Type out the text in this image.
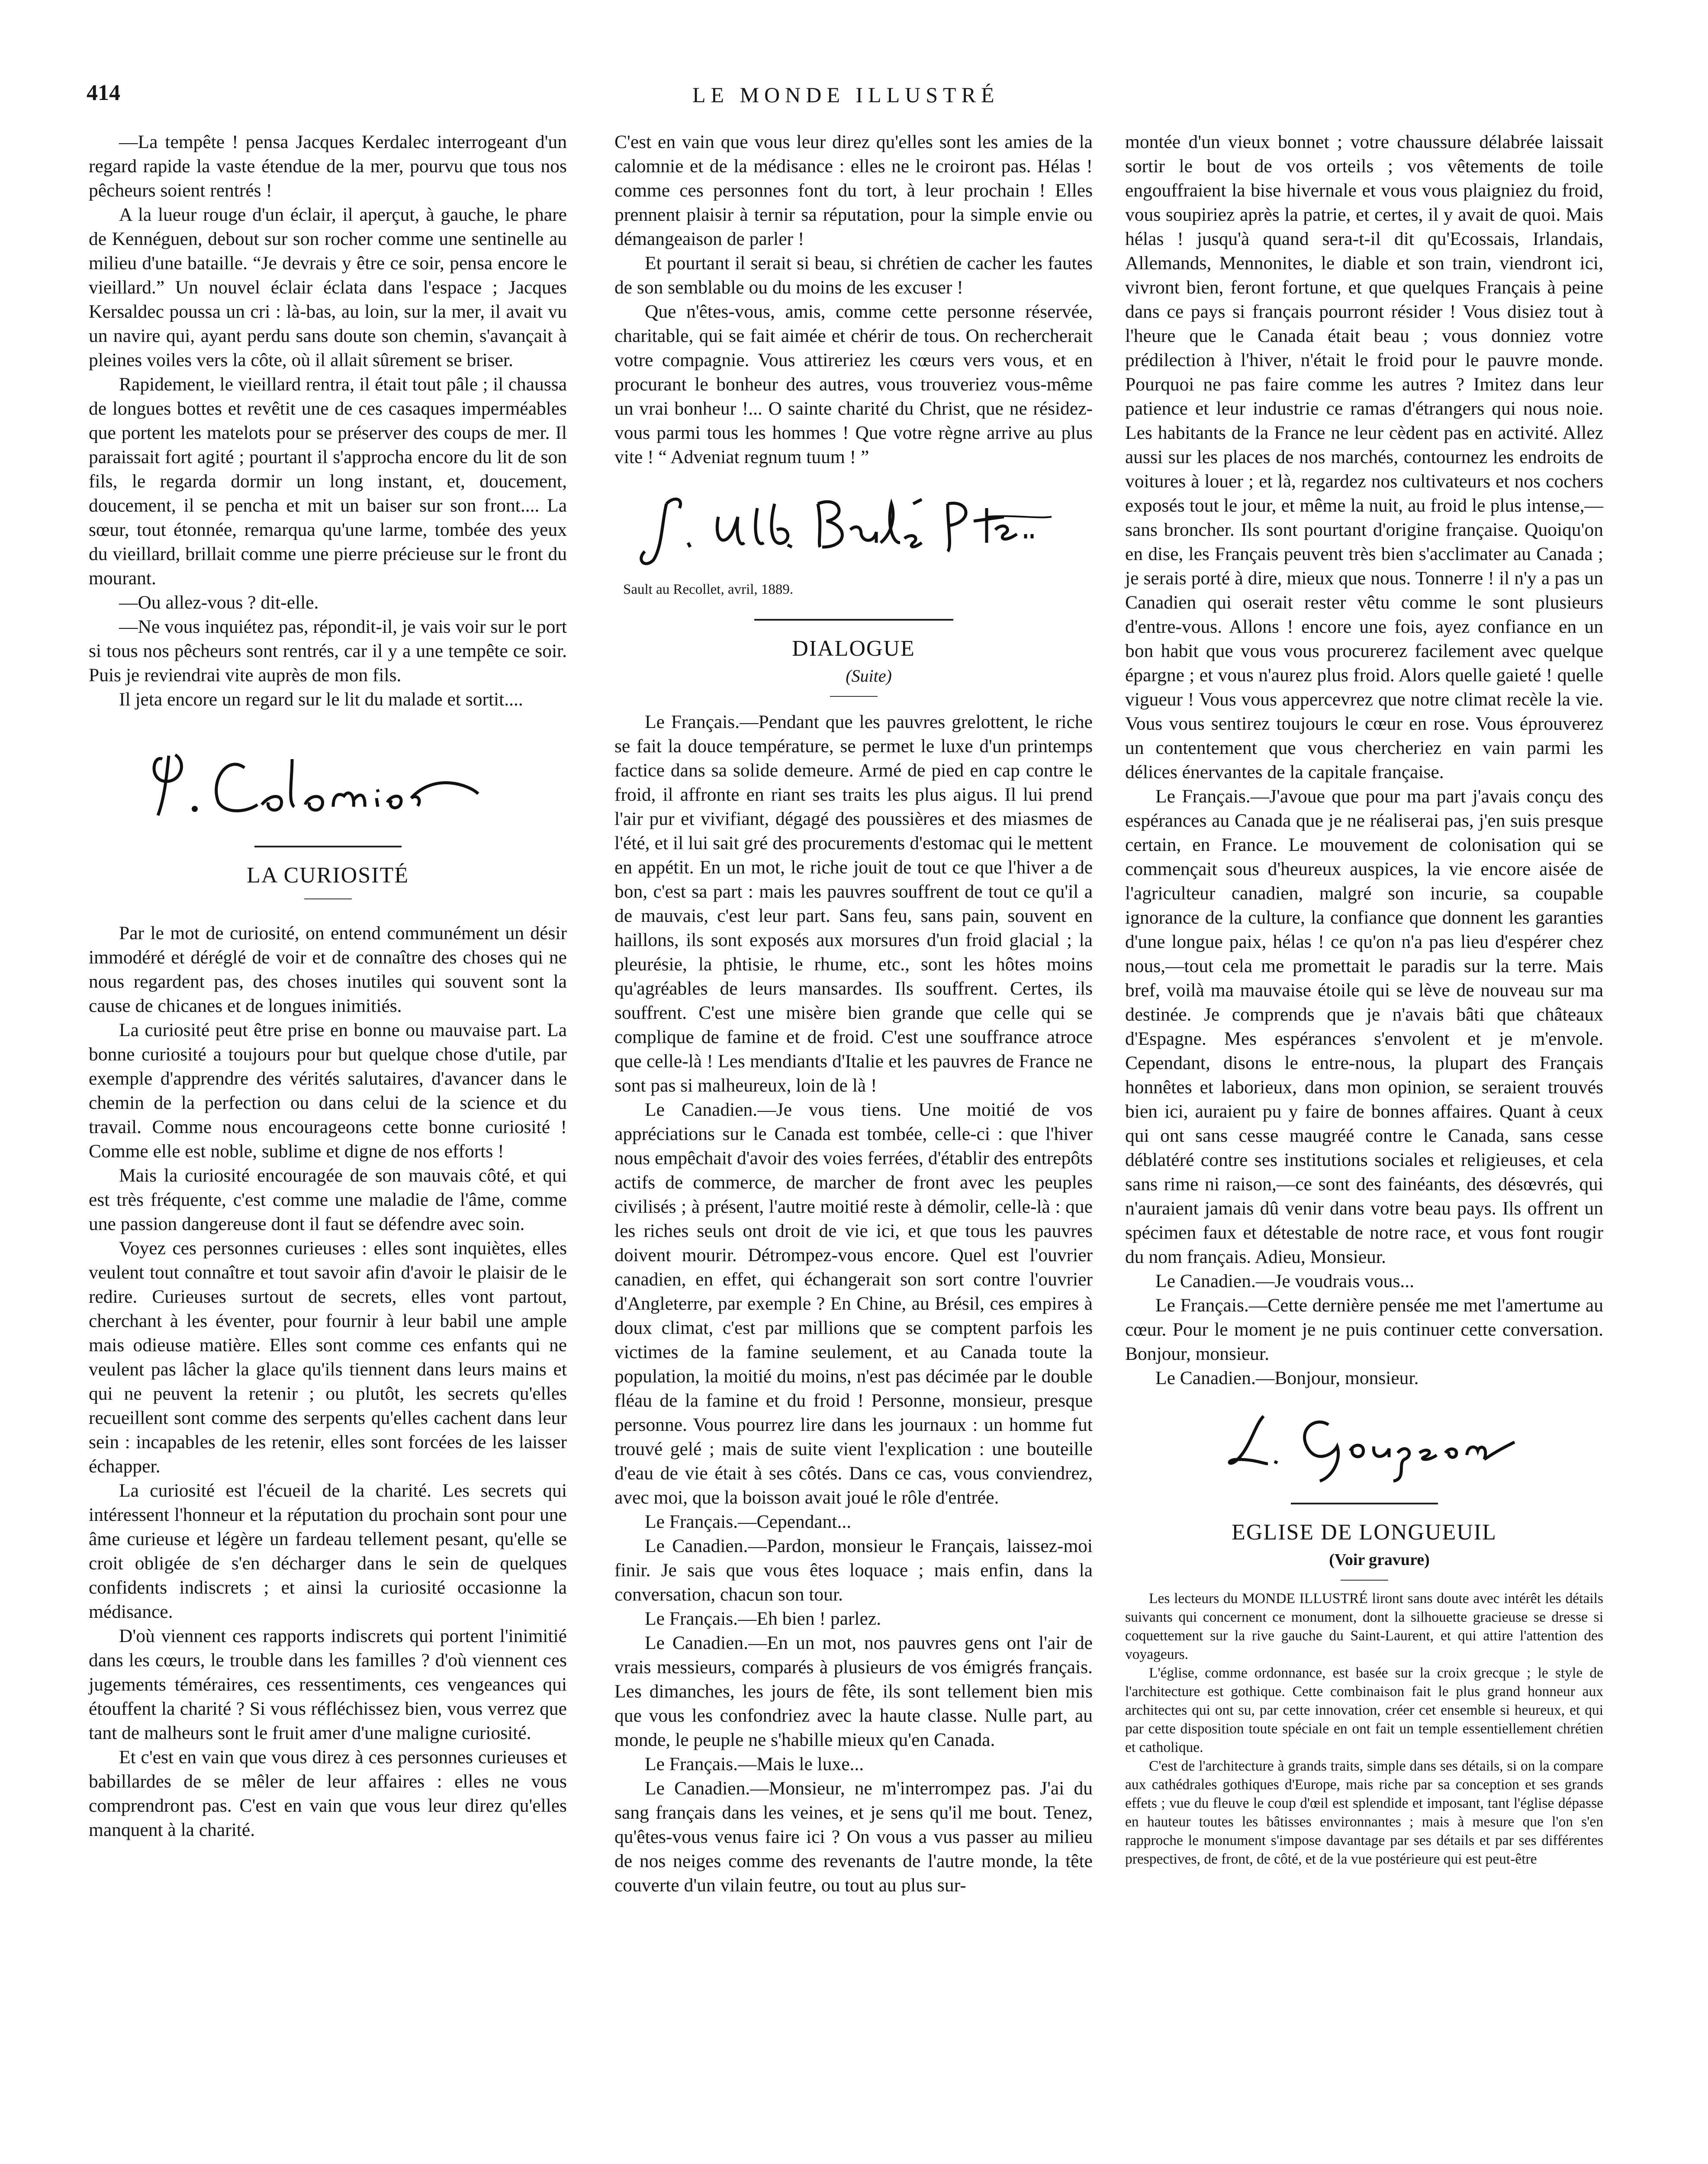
414	LE MONDE ILLUSTRÉ

—La tempête ! pensa Jacques Kerdalec interrogeant d'un regard rapide la vaste étendue de la mer, pourvu que tous nos pêcheurs soient rentrés !

A la lueur rouge d'un éclair, il aperçut, à gauche, le phare de Kennéguen, debout sur son rocher comme une sentinelle au milieu d'une bataille. “Je devrais y être ce soir, pensa encore le vieillard.” Un nouvel éclair éclata dans l'espace ; Jacques Kersaldec poussa un cri : là-bas, au loin, sur la mer, il avait vu un navire qui, ayant perdu sans doute son chemin, s'avançait à pleines voiles vers la côte, où il allait sûrement se briser.

Rapidement, le vieillard rentra, il était tout pâle ; il chaussa de longues bottes et revêtit une de ces casaques imperméables que portent les matelots pour se préserver des coups de mer. Il paraissait fort agité ; pourtant il s'approcha encore du lit de son fils, le regarda dormir un long instant, et, doucement, doucement, il se pencha et mit un baiser sur son front.... La sœur, tout étonnée, remarqua qu'une larme, tombée des yeux du vieillard, brillait comme une pierre précieuse sur le front du mourant.

—Ou allez-vous ? dit-elle.

—Ne vous inquiétez pas, répondit-il, je vais voir sur le port si tous nos pêcheurs sont rentrés, car il y a une tempête ce soir. Puis je reviendrai vite auprès de mon fils.

Il jeta encore un regard sur le lit du malade et sortit....

LA CURIOSITÉ

Par le mot de curiosité, on entend communément un désir immodéré et déréglé de voir et de connaître des choses qui ne nous regardent pas, des choses inutiles qui souvent sont la cause de chicanes et de longues inimitiés.

La curiosité peut être prise en bonne ou mauvaise part. La bonne curiosité a toujours pour but quelque chose d'utile, par exemple d'apprendre des vérités salutaires, d'avancer dans le chemin de la perfection ou dans celui de la science et du travail. Comme nous encourageons cette bonne curiosité ! Comme elle est noble, sublime et digne de nos efforts !

Mais la curiosité encouragée de son mauvais côté, et qui est très fréquente, c'est comme une maladie de l'âme, comme une passion dangereuse dont il faut se défendre avec soin.

Voyez ces personnes curieuses : elles sont inquiètes, elles veulent tout connaître et tout savoir afin d'avoir le plaisir de le redire. Curieuses surtout de secrets, elles vont partout, cherchant à les éventer, pour fournir à leur babil une ample mais odieuse matière. Elles sont comme ces enfants qui ne veulent pas lâcher la glace qu'ils tiennent dans leurs mains et qui ne peuvent la retenir ; ou plutôt, les secrets qu'elles recueillent sont comme des serpents qu'elles cachent dans leur sein : incapables de les retenir, elles sont forcées de les laisser échapper.

La curiosité est l'écueil de la charité. Les secrets qui intéressent l'honneur et la réputation du prochain sont pour une âme curieuse et légère un fardeau tellement pesant, qu'elle se croit obligée de s'en décharger dans le sein de quelques confidents indiscrets ; et ainsi la curiosité occasionne la médisance.

D'où viennent ces rapports indiscrets qui portent l'inimitié dans les cœurs, le trouble dans les familles ? d'où viennent ces jugements téméraires, ces ressentiments, ces vengeances qui étouffent la charité ? Si vous réfléchissez bien, vous verrez que tant de malheurs sont le fruit amer d'une maligne curiosité.

Et c'est en vain que vous direz à ces personnes curieuses et babillardes de se mêler de leur affaires : elles ne vous comprendront pas. C'est en vain que vous leur direz qu'elles manquent à la charité.

C'est en vain que vous leur direz qu'elles sont les amies de la calomnie et de la médisance : elles ne le croiront pas. Hélas ! comme ces personnes font du tort, à leur prochain ! Elles prennent plaisir à ternir sa réputation, pour la simple envie ou démangeaison de parler !

Et pourtant il serait si beau, si chrétien de cacher les fautes de son semblable ou du moins de les excuser !

Que n'êtes-vous, amis, comme cette personne réservée, charitable, qui se fait aimée et chérir de tous. On rechercherait votre compagnie. Vous attireriez les cœurs vers vous, et en procurant le bonheur des autres, vous trouveriez vous-même un vrai bonheur !... O sainte charité du Christ, que ne résidez-vous parmi tous les hommes ! Que votre règne arrive au plus vite ! “ Adveniat regnum tuum ! ”

Sault au Recollet, avril, 1889.

DIALOGUE

(Suite)

Le Français.—Pendant que les pauvres grelottent, le riche se fait la douce température, se permet le luxe d'un printemps factice dans sa solide demeure. Armé de pied en cap contre le froid, il affronte en riant ses traits les plus aigus. Il lui prend l'air pur et vivifiant, dégagé des poussières et des miasmes de l'été, et il lui sait gré des procurements d'estomac qui le mettent en appétit. En un mot, le riche jouit de tout ce que l'hiver a de bon, c'est sa part : mais les pauvres souffrent de tout ce qu'il a de mauvais, c'est leur part. Sans feu, sans pain, souvent en haillons, ils sont exposés aux morsures d'un froid glacial ; la pleurésie, la phtisie, le rhume, etc., sont les hôtes moins qu'agréables de leurs mansardes. Ils souffrent. Certes, ils souffrent. C'est une misère bien grande que celle qui se complique de famine et de froid. C'est une souffrance atroce que celle-là ! Les mendiants d'Italie et les pauvres de France ne sont pas si malheureux, loin de là !

Le Canadien.—Je vous tiens. Une moitié de vos appréciations sur le Canada est tombée, celle-ci : que l'hiver nous empêchait d'avoir des voies ferrées, d'établir des entrepôts actifs de commerce, de marcher de front avec les peuples civilisés ; à présent, l'autre moitié reste à démolir, celle-là : que les riches seuls ont droit de vie ici, et que tous les pauvres doivent mourir. Détrompez-vous encore. Quel est l'ouvrier canadien, en effet, qui échangerait son sort contre l'ouvrier d'Angleterre, par exemple ? En Chine, au Brésil, ces empires à doux climat, c'est par millions que se comptent parfois les victimes de la famine seulement, et au Canada toute la population, la moitié du moins, n'est pas décimée par le double fléau de la famine et du froid ! Personne, monsieur, presque personne. Vous pourrez lire dans les journaux : un homme fut trouvé gelé ; mais de suite vient l'explication : une bouteille d'eau de vie était à ses côtés. Dans ce cas, vous conviendrez, avec moi, que la boisson avait joué le rôle d'entrée.

Le Français.—Cependant...

Le Canadien.—Pardon, monsieur le Français, laissez-moi finir. Je sais que vous êtes loquace ; mais enfin, dans la conversation, chacun son tour.

Le Français.—Eh bien ! parlez.

Le Canadien.—En un mot, nos pauvres gens ont l'air de vrais messieurs, comparés à plusieurs de vos émigrés français. Les dimanches, les jours de fête, ils sont tellement bien mis que vous les confondriez avec la haute classe. Nulle part, au monde, le peuple ne s'habille mieux qu'en Canada.

Le Français.—Mais le luxe...

Le Canadien.—Monsieur, ne m'interrompez pas. J'ai du sang français dans les veines, et je sens qu'il me bout. Tenez, qu'êtes-vous venus faire ici ? On vous a vus passer au milieu de nos neiges comme des revenants de l'autre monde, la tête couverte d'un vilain feutre, ou tout au plus sur-

montée d'un vieux bonnet ; votre chaussure délabrée laissait sortir le bout de vos orteils ; vos vêtements de toile engouffraient la bise hivernale et vous vous plaigniez du froid, vous soupiriez après la patrie, et certes, il y avait de quoi. Mais hélas ! jusqu'à quand sera-t-il dit qu'Ecossais, Irlandais, Allemands, Mennonites, le diable et son train, viendront ici, vivront bien, feront fortune, et que quelques Français à peine dans ce pays si français pourront résider ! Vous disiez tout à l'heure que le Canada était beau ; vous donniez votre prédilection à l'hiver, n'était le froid pour le pauvre monde. Pourquoi ne pas faire comme les autres ? Imitez dans leur patience et leur industrie ce ramas d'étrangers qui nous noie. Les habitants de la France ne leur cèdent pas en activité. Allez aussi sur les places de nos marchés, contournez les endroits de voitures à louer ; et là, regardez nos cultivateurs et nos cochers exposés tout le jour, et même la nuit, au froid le plus intense,—sans broncher. Ils sont pourtant d'origine française. Quoiqu'on en dise, les Français peuvent très bien s'acclimater au Canada ; je serais porté à dire, mieux que nous. Tonnerre ! il n'y a pas un Canadien qui oserait rester vêtu comme le sont plusieurs d'entre-vous. Allons ! encore une fois, ayez confiance en un bon habit que vous vous procurerez facilement avec quelque épargne ; et vous n'aurez plus froid. Alors quelle gaieté ! quelle vigueur ! Vous vous appercevrez que notre climat recèle la vie. Vous vous sentirez toujours le cœur en rose. Vous éprouverez un contentement que vous chercheriez en vain parmi les délices énervantes de la capitale française.

Le Français.—J'avoue que pour ma part j'avais conçu des espérances au Canada que je ne réaliserai pas, j'en suis presque certain, en France. Le mouvement de colonisation qui se commençait sous d'heureux auspices, la vie encore aisée de l'agriculteur canadien, malgré son incurie, sa coupable ignorance de la culture, la confiance que donnent les garanties d'une longue paix, hélas ! ce qu'on n'a pas lieu d'espérer chez nous,—tout cela me promettait le paradis sur la terre. Mais bref, voilà ma mauvaise étoile qui se lève de nouveau sur ma destinée. Je comprends que je n'avais bâti que châteaux d'Espagne. Mes espérances s'envolent et je m'envole. Cependant, disons le entre-nous, la plupart des Français honnêtes et laborieux, dans mon opinion, se seraient trouvés bien ici, auraient pu y faire de bonnes affaires. Quant à ceux qui ont sans cesse maugréé contre le Canada, sans cesse déblatéré contre ses institutions sociales et religieuses, et cela sans rime ni raison,—ce sont des fainéants, des désœvrés, qui n'auraient jamais dû venir dans votre beau pays. Ils offrent un spécimen faux et détestable de notre race, et vous font rougir du nom français. Adieu, Monsieur.

Le Canadien.—Je voudrais vous...

Le Français.—Cette dernière pensée me met l'amertume au cœur. Pour le moment je ne puis continuer cette conversation. Bonjour, monsieur.

Le Canadien.—Bonjour, monsieur.

EGLISE DE LONGUEUIL

(Voir gravure)

Les lecteurs du MONDE ILLUSTRÉ liront sans doute avec intérêt les détails suivants qui concernent ce monument, dont la silhouette gracieuse se dresse si coquettement sur la rive gauche du Saint-Laurent, et qui attire l'attention des voyageurs.

L'église, comme ordonnance, est basée sur la croix grecque ; le style de l'architecture est gothique. Cette combinaison fait le plus grand honneur aux architectes qui ont su, par cette innovation, créer cet ensemble si heureux, et qui par cette disposition toute spéciale en ont fait un temple essentiellement chrétien et catholique.

C'est de l'architecture à grands traits, simple dans ses détails, si on la compare aux cathédrales gothiques d'Europe, mais riche par sa conception et ses grands effets ; vue du fleuve le coup d'œil est splendide et imposant, tant l'église dépasse en hauteur toutes les bâtisses environnantes ; mais à mesure que l'on s'en rapproche le monument s'impose davantage par ses détails et par ses différentes prespectives, de front, de côté, et de la vue postérieure qui est peut-être
